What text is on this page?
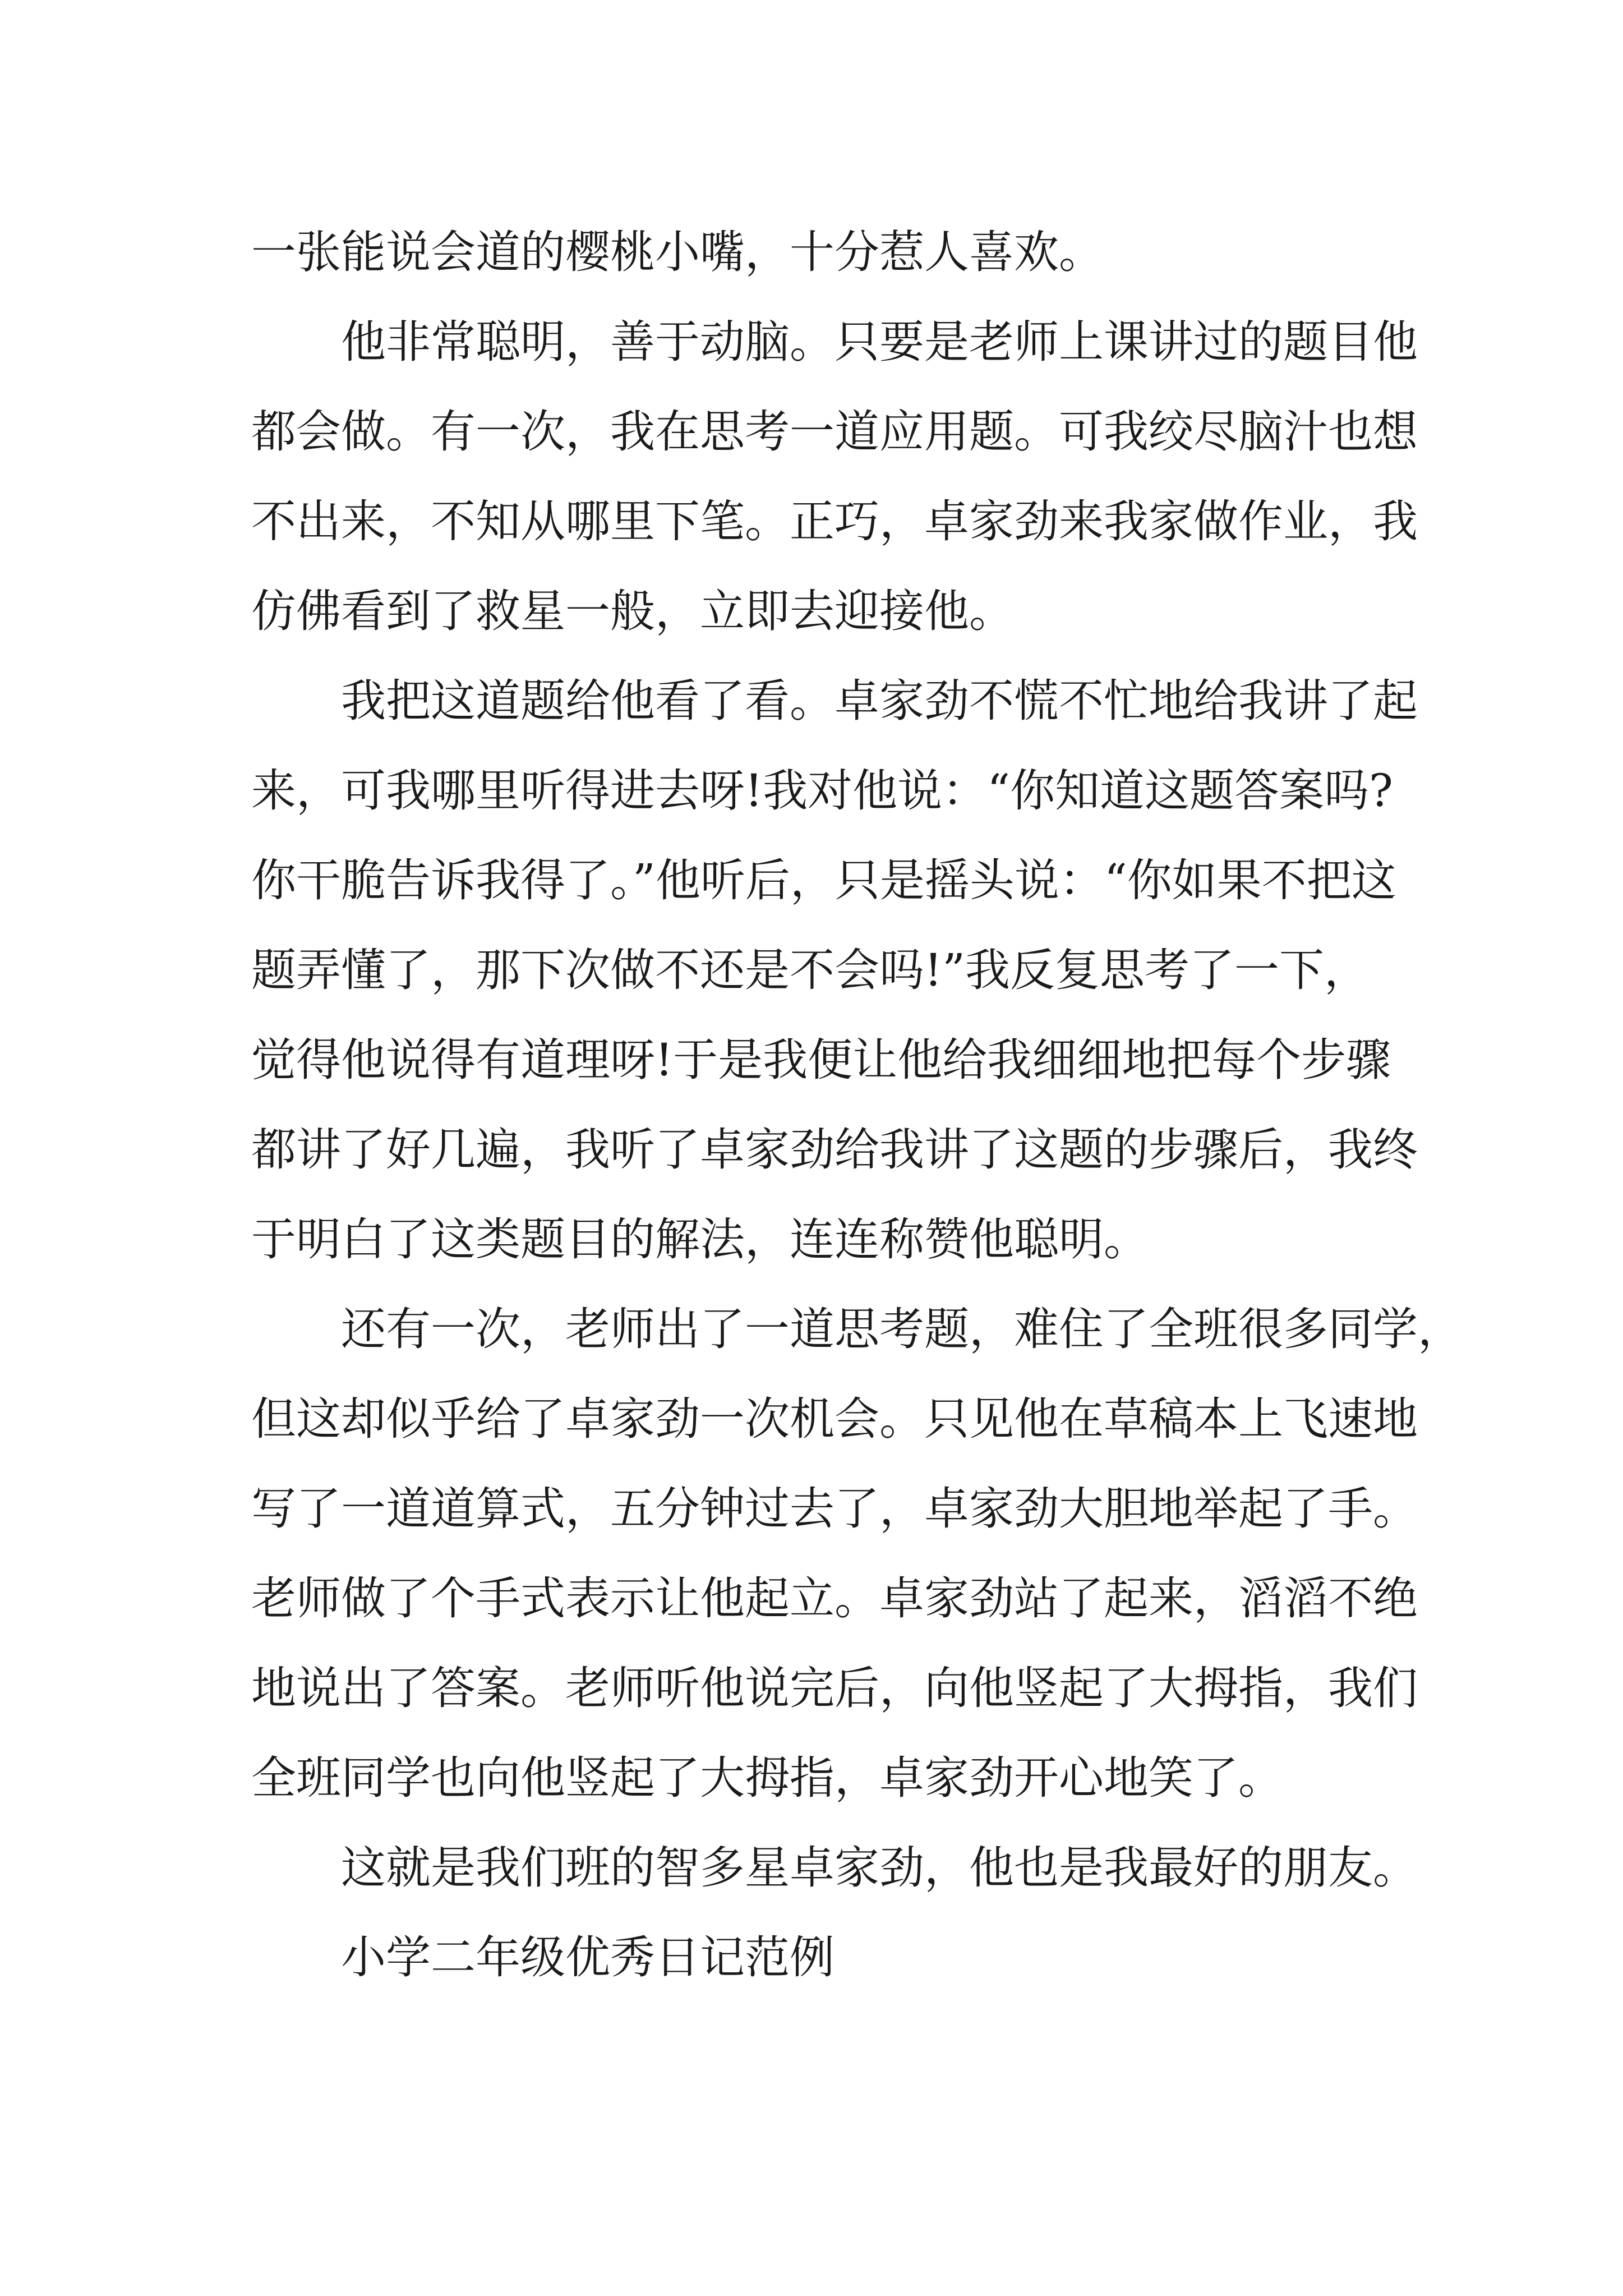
一张能说会道的樱桃小嘴，十分惹人喜欢。
他非常聪明，善于动脑。只要是老师上课讲过的题目他
都会做。有一次，我在思考一道应用题。可我绞尽脑汁也想
不出来，不知从哪里下笔。正巧，卓家劲来我家做作业，我
仿佛看到了救星一般，立即去迎接他。
我把这道题给他看了看。卓家劲不慌不忙地给我讲了起
来，可我哪里听得进去呀!我对他说：“你知道这题答案吗?
你干脆告诉我得了。”他听后，只是摇头说：“你如果不把这
题弄懂了，那下次做不还是不会吗!”我反复思考了一下，
觉得他说得有道理呀!于是我便让他给我细细地把每个步骤
都讲了好几遍，我听了卓家劲给我讲了这题的步骤后，我终
于明白了这类题目的解法，连连称赞他聪明。
还有一次，老师出了一道思考题，难住了全班很多同学，
但这却似乎给了卓家劲一次机会。只见他在草稿本上飞速地
写了一道道算式，五分钟过去了，卓家劲大胆地举起了手。
老师做了个手式表示让他起立。卓家劲站了起来，滔滔不绝
地说出了答案。老师听他说完后，向他竖起了大拇指，我们
全班同学也向他竖起了大拇指，卓家劲开心地笑了。
这就是我们班的智多星卓家劲，他也是我最好的朋友。
小学二年级优秀日记范例
